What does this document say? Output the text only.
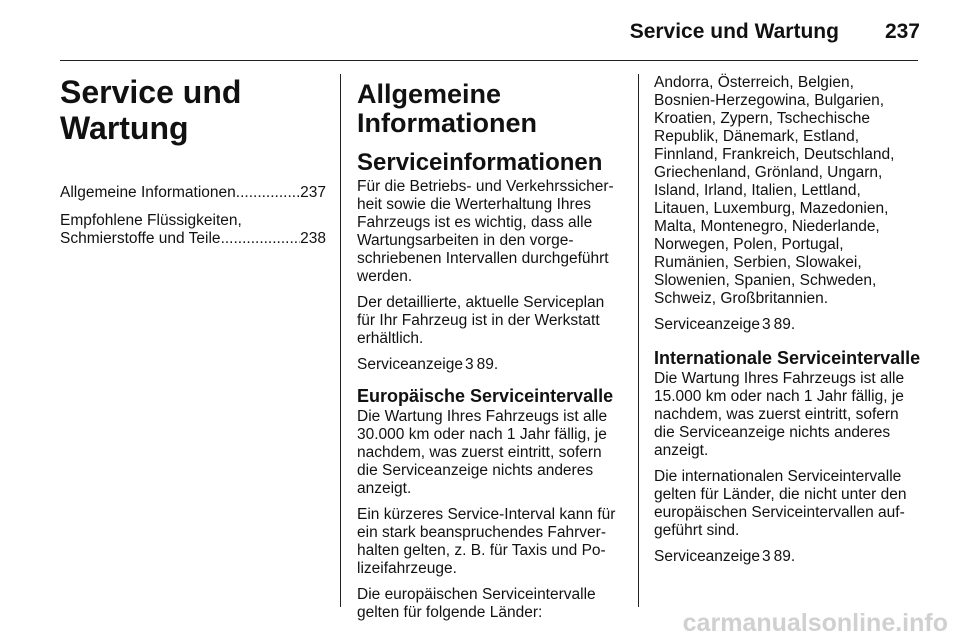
Service und Wartung 237
Service und Wartung
Allgemeine Informationen .....	237
Empfohlene Flüssigkeiten,
Schmierstoffe und Teile .....	238
Allgemeine
Informationen
Serviceinformationen
Für die Betriebs- und Verkehrssicher-
heit sowie die Werterhaltung Ihres
Fahrzeugs ist es wichtig, dass alle
Wartungsarbeiten in den vorge-
schriebenen Intervallen durchgeführt
werden.
Der detaillierte, aktuelle Serviceplan
für Ihr Fahrzeug ist in der Werkstatt
erhältlich.
Serviceanzeige 3 89.
Europäische Serviceintervalle
Die Wartung Ihres Fahrzeugs ist alle
30.000 km oder nach 1 Jahr fällig, je
nachdem, was zuerst eintritt, sofern
die Serviceanzeige nichts anderes
anzeigt.
Ein kürzeres Service-Interval kann für
ein stark beanspruchendes Fahrver-
halten gelten, z. B. für Taxis und Po-
lizeifahrzeuge.
Die europäischen Serviceintervalle
gelten für folgende Länder:
Andorra, Österreich, Belgien,
Bosnien-Herzegowina, Bulgarien,
Kroatien, Zypern, Tschechische
Republik, Dänemark, Estland,
Finnland, Frankreich, Deutschland,
Griechenland, Grönland, Ungarn,
Island, Irland, Italien, Lettland,
Litauen, Luxemburg, Mazedonien,
Malta, Montenegro, Niederlande,
Norwegen, Polen, Portugal,
Rumänien, Serbien, Slowakei,
Slowenien, Spanien, Schweden,
Schweiz, Großbritannien.
Serviceanzeige 3 89.
Internationale Serviceintervalle
Die Wartung Ihres Fahrzeugs ist alle
15.000 km oder nach 1 Jahr fällig, je
nachdem, was zuerst eintritt, sofern
die Serviceanzeige nichts anderes
anzeigt.
Die internationalen Serviceintervalle
gelten für Länder, die nicht unter den
europäischen Serviceintervallen auf-
geführt sind.
Serviceanzeige 3 89.
carmanualsonline.info
